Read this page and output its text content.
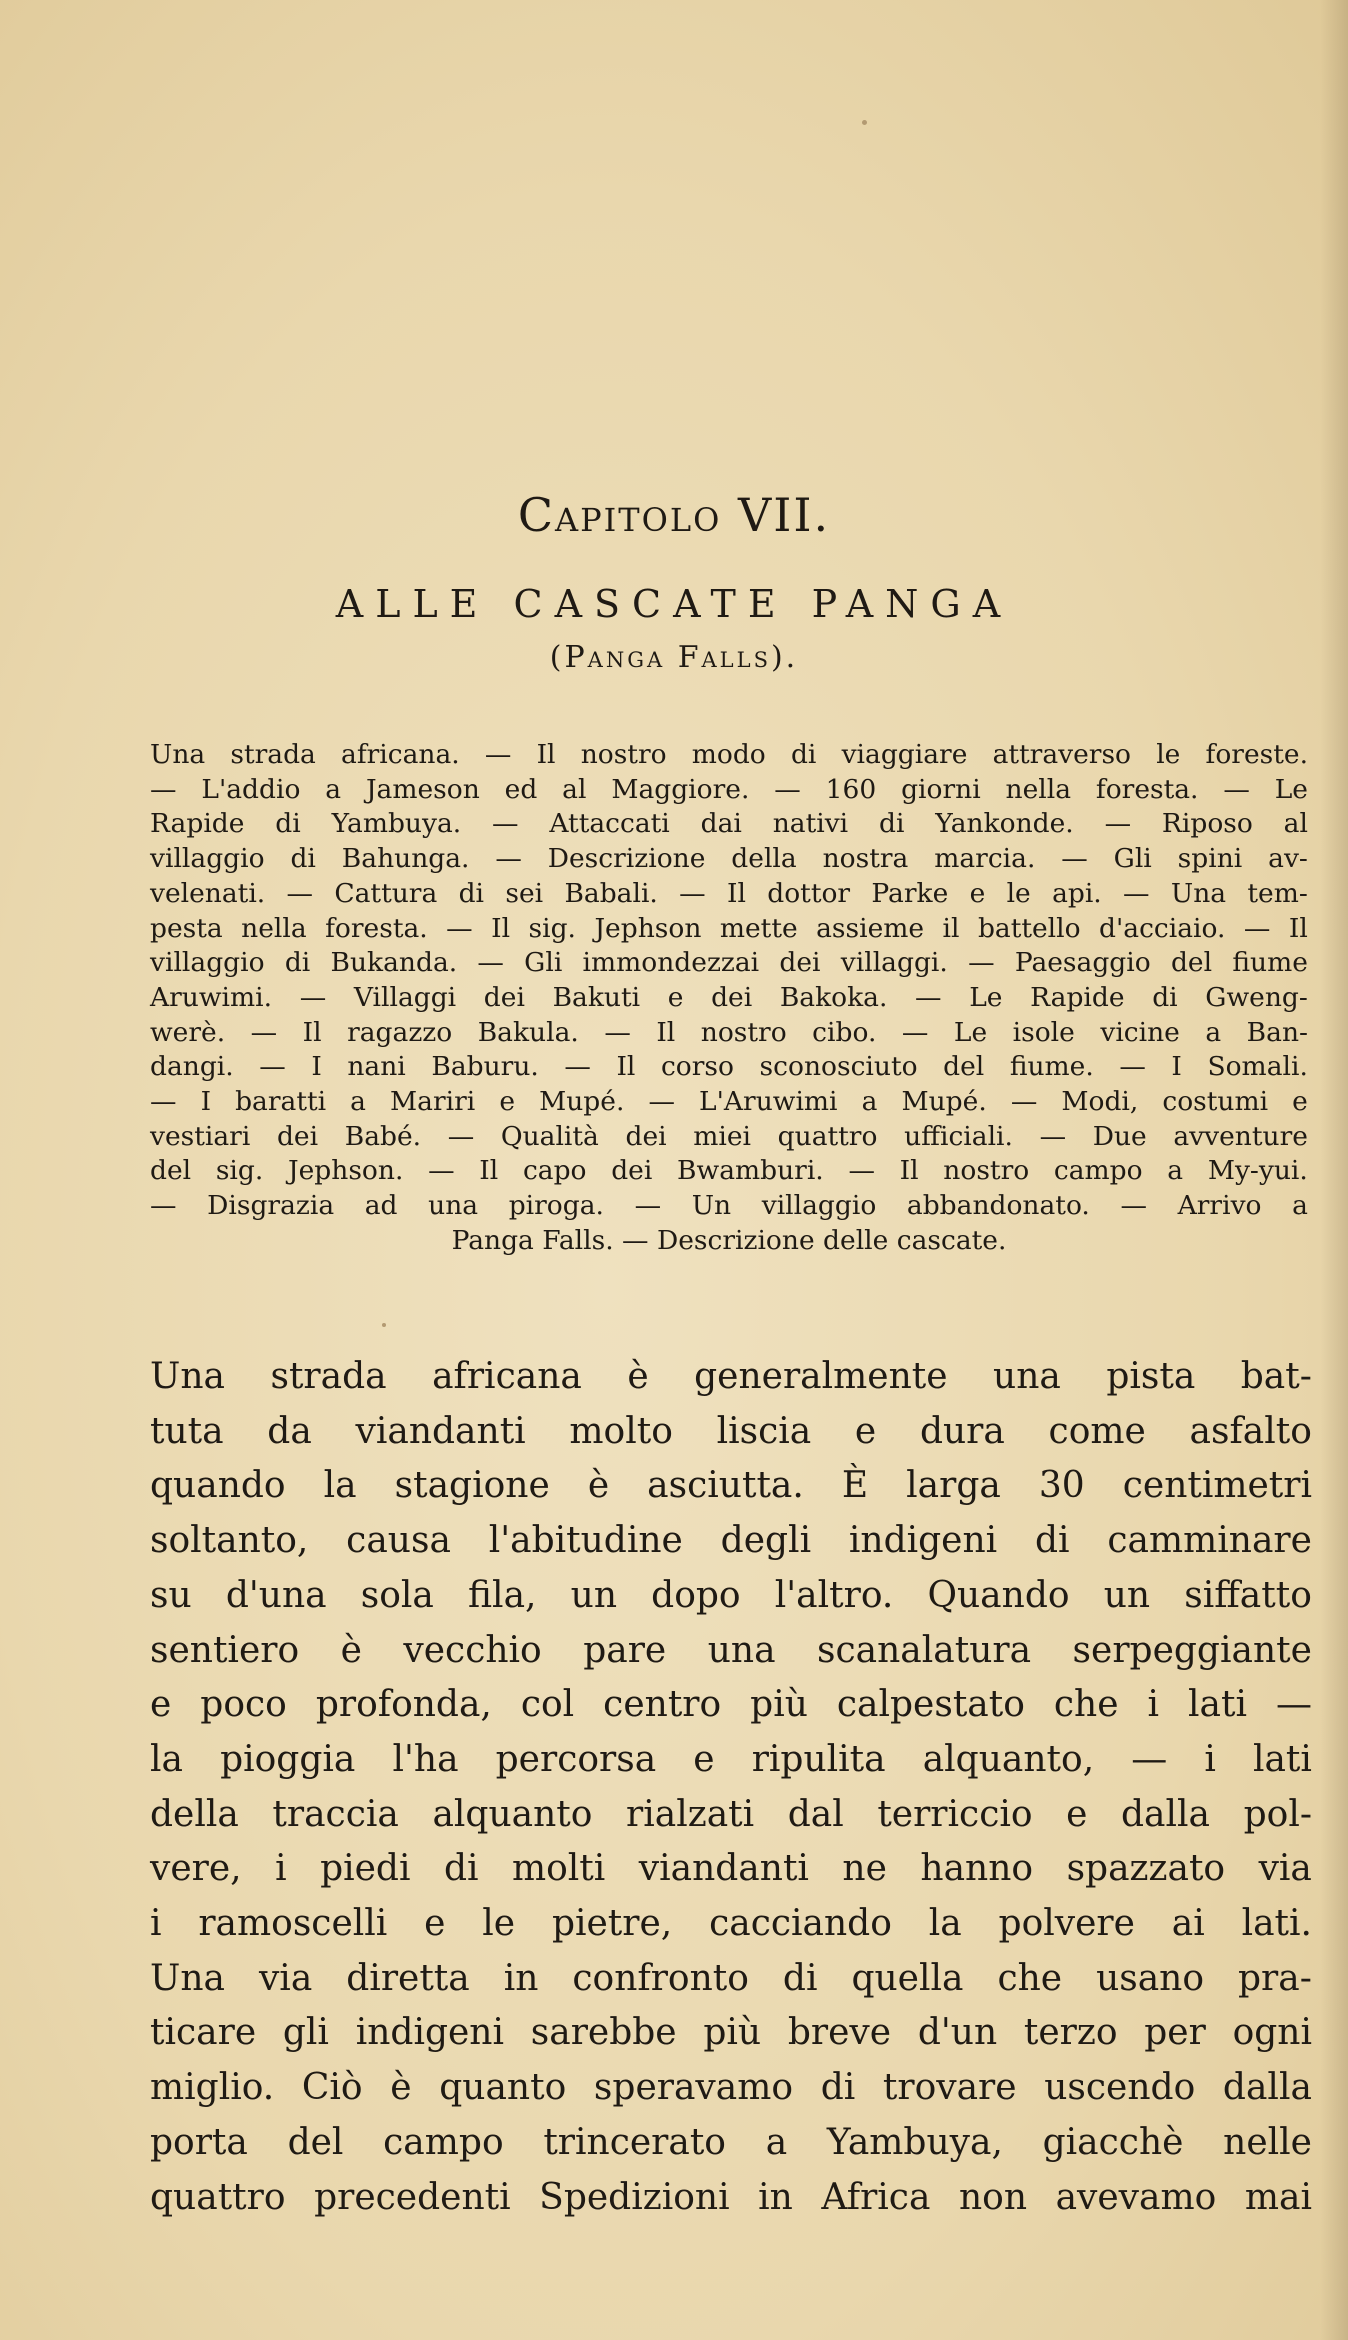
Capitolo VII.
ALLE CASCATE PANGA
(Panga Falls).
Una strada africana. — Il nostro modo di viaggiare attraverso le foreste.
— L'addio a Jameson ed al Maggiore. — 160 giorni nella foresta. — Le
Rapide di Yambuya. — Attaccati dai nativi di Yankonde. — Riposo al
villaggio di Bahunga. — Descrizione della nostra marcia. — Gli spini av-
velenati. — Cattura di sei Babali. — Il dottor Parke e le api. — Una tem-
pesta nella foresta. — Il sig. Jephson mette assieme il battello d'acciaio. — Il
villaggio di Bukanda. — Gli immondezzai dei villaggi. — Paesaggio del fiume
Aruwimi. — Villaggi dei Bakuti e dei Bakoka. — Le Rapide di Gweng-
werè. — Il ragazzo Bakula. — Il nostro cibo. — Le isole vicine a Ban-
dangi. — I nani Baburu. — Il corso sconosciuto del fiume. — I Somali.
— I baratti a Mariri e Mupé. — L'Aruwimi a Mupé. — Modi, costumi e
vestiari dei Babé. — Qualità dei miei quattro ufficiali. — Due avventure
del sig. Jephson. — Il capo dei Bwamburi. — Il nostro campo a My-yui.
— Disgrazia ad una piroga. — Un villaggio abbandonato. — Arrivo a
Panga Falls. — Descrizione delle cascate.
Una strada africana è generalmente una pista bat-
tuta da viandanti molto liscia e dura come asfalto
quando la stagione è asciutta. È larga 30 centimetri
soltanto, causa l'abitudine degli indigeni di camminare
su d'una sola fila, un dopo l'altro. Quando un siffatto
sentiero è vecchio pare una scanalatura serpeggiante
e poco profonda, col centro più calpestato che i lati —
la pioggia l'ha percorsa e ripulita alquanto, — i lati
della traccia alquanto rialzati dal terriccio e dalla pol-
vere, i piedi di molti viandanti ne hanno spazzato via
i ramoscelli e le pietre, cacciando la polvere ai lati.
Una via diretta in confronto di quella che usano pra-
ticare gli indigeni sarebbe più breve d'un terzo per ogni
miglio. Ciò è quanto speravamo di trovare uscendo dalla
porta del campo trincerato a Yambuya, giacchè nelle
quattro precedenti Spedizioni in Africa non avevamo mai
